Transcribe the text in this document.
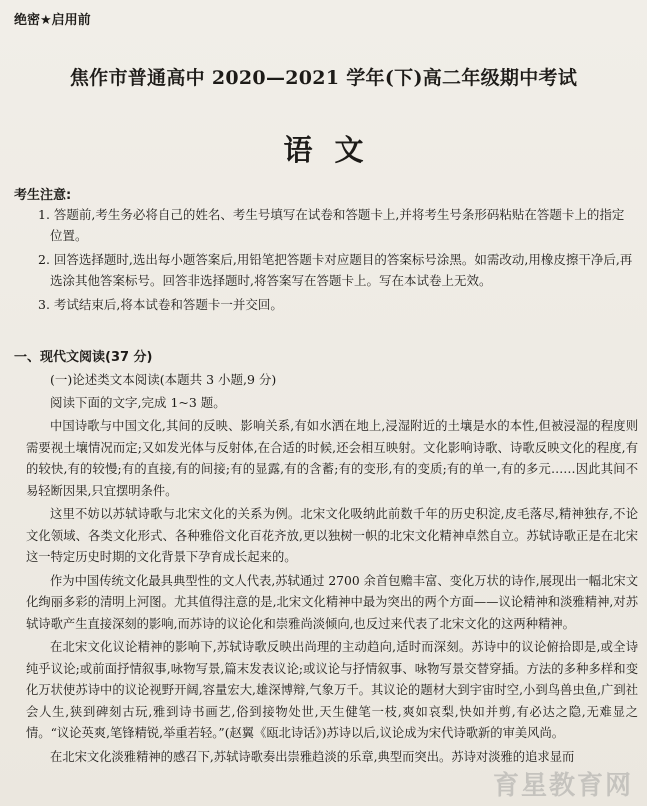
绝密★启用前
焦作市普通高中 2020—2021 学年(下)高二年级期中考试
语文
考生注意:

1. 答题前,考生务必将自己的姓名、考生号填写在试卷和答题卡上,并将考生号条形码粘贴在答题卡上的指定位置。

2. 回答选择题时,选出每小题答案后,用铅笔把答题卡对应题目的答案标号涂黑。如需改动,用橡皮擦干净后,再选涂其他答案标号。回答非选择题时,将答案写在答题卡上。写在本试卷上无效。

3. 考试结束后,将本试卷和答题卡一并交回。

一、现代文阅读(37 分)
(一)论述类文本阅读(本题共 3 小题,9 分)
阅读下面的文字,完成 1~3 题。

中国诗歌与中国文化,其间的反映、影响关系,有如水洒在地上,浸湿附近的土壤是水的本性,但被浸湿的程度则需要视土壤情况而定;又如发光体与反射体,在合适的时候,还会相互映射。文化影响诗歌、诗歌反映文化的程度,有的较快,有的较慢;有的直接,有的间接;有的显露,有的含蓄;有的变形,有的变质;有的单一,有的多元……因此其间不易轻断因果,只宜摆明条件。

这里不妨以苏轼诗歌与北宋文化的关系为例。北宋文化吸纳此前数千年的历史积淀,皮毛落尽,精神独存,不论文化领域、各类文化形式、各种雅俗文化百花齐放,更以独树一帜的北宋文化精神卓然自立。苏轼诗歌正是在北宋这一特定历史时期的文化背景下孕育成长起来的。

作为中国传统文化最具典型性的文人代表,苏轼通过 2700 余首包赡丰富、变化万状的诗作,展现出一幅北宋文化绚丽多彩的清明上河图。尤其值得注意的是,北宋文化精神中最为突出的两个方面——议论精神和淡雅精神,对苏轼诗歌产生直接深刻的影响,而苏诗的议论化和崇雅尚淡倾向,也反过来代表了北宋文化的这两种精神。

在北宋文化议论精神的影响下,苏轼诗歌反映出尚理的主动趋向,适时而深刻。苏诗中的议论俯拾即是,或全诗纯乎议论;或前面抒情叙事,咏物写景,篇末发表议论;或议论与抒情叙事、咏物写景交替穿插。方法的多种多样和变化万状使苏诗中的议论视野开阔,容量宏大,雄深博辩,气象万千。其议论的题材大到宇宙时空,小到鸟兽虫鱼,广到社会人生,狭到碑刻古玩,雅到诗书画艺,俗到接物处世,天生健笔一枝,爽如哀梨,快如并剪,有必达之隐,无难显之情。“议论英爽,笔锋精锐,举重若轻。”(赵翼《瓯北诗话》)苏诗以后,议论成为宋代诗歌新的审美风尚。

在北宋文化淡雅精神的感召下,苏轼诗歌奏出崇雅趋淡的乐章,典型而突出。苏诗对淡雅的追求显而

育星教育网
